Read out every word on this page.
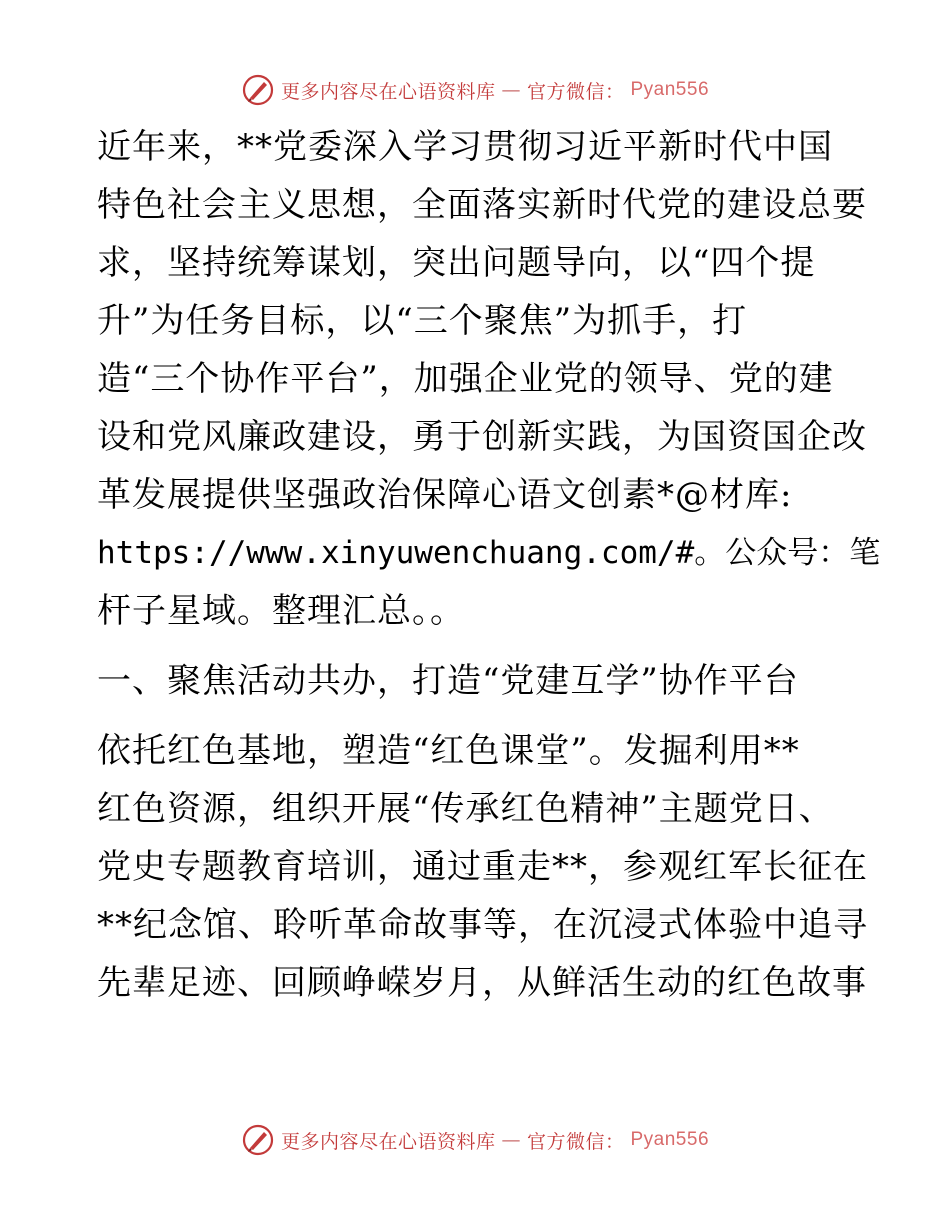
更多内容尽在心语资料库 — 官方微信： Pyan556
近年来，**党委深入学习贯彻习近平新时代中国
特色社会主义思想，全面落实新时代党的建设总要
求，坚持统筹谋划，突出问题导向，以“四个提
升”为任务目标，以“三个聚焦”为抓手，打
造“三个协作平台”，加强企业党的领导、党的建
设和党风廉政建设，勇于创新实践，为国资国企改
革发展提供坚强政治保障心语文创素*@材库:
https://www.xinyuwenchuang.com/#。公众号：笔
杆子星域。整理汇总。。
一、聚焦活动共办，打造“党建互学”协作平台
依托红色基地，塑造“红色课堂”。发掘利用**
红色资源，组织开展“传承红色精神”主题党日、
党史专题教育培训，通过重走**，参观红军长征在
**纪念馆、聆听革命故事等，在沉浸式体验中追寻
先辈足迹、回顾峥嵘岁月，从鲜活生动的红色故事
更多内容尽在心语资料库 — 官方微信： Pyan556
